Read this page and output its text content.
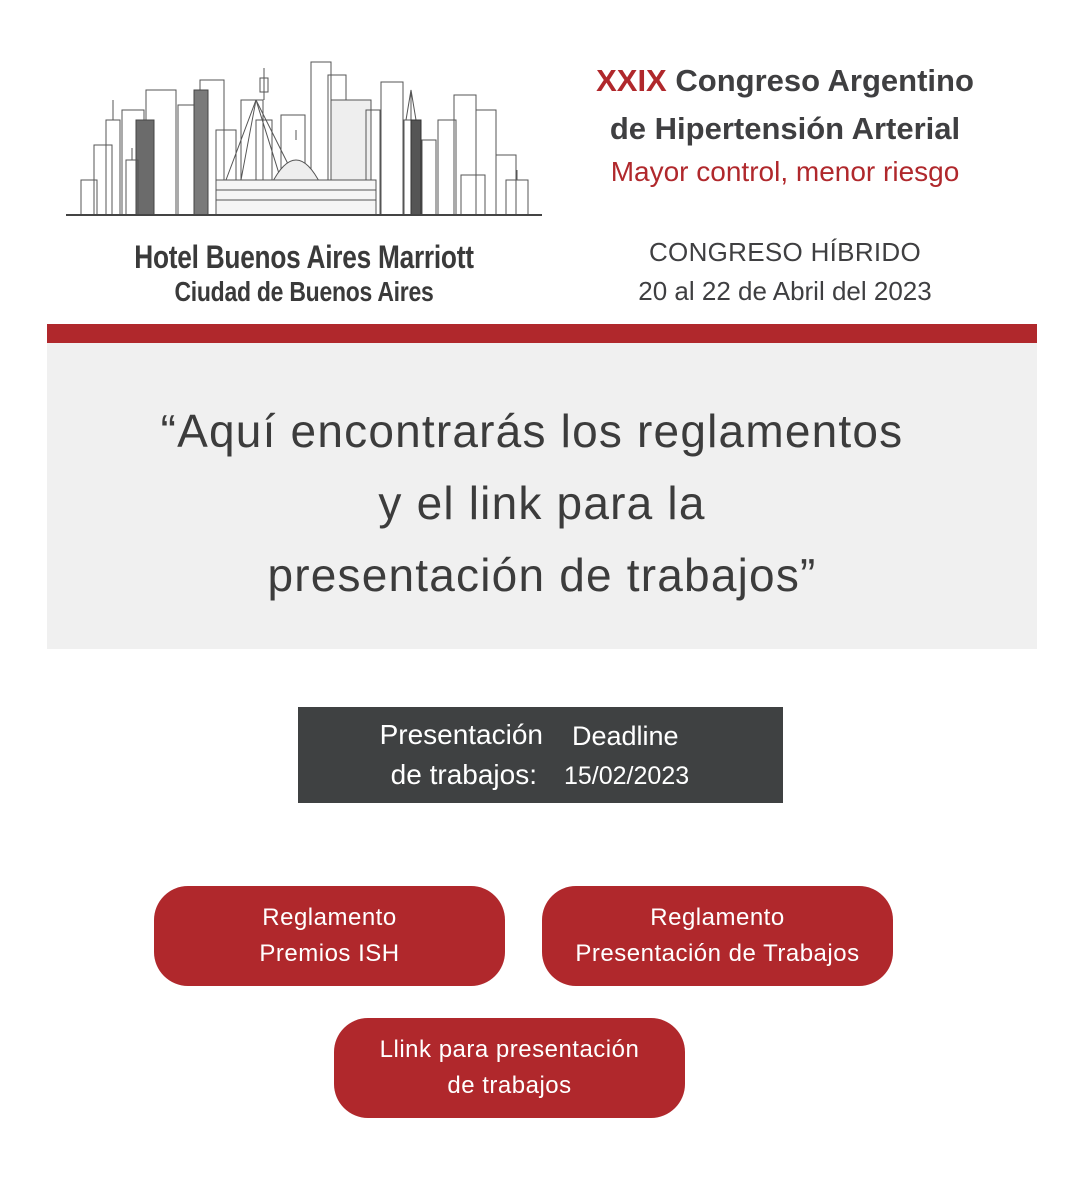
Hotel Buenos Aires Marriott
Ciudad de Buenos Aires
XXIX Congreso Argentino
de Hipertensión Arterial
Mayor control, menor riesgo
CONGRESO HÍBRIDO
20 al 22 de Abril del 2023
“Aquí encontrarás los reglamentos
y el link para la
presentación de trabajos”
Presentación
de trabajos:
Deadline
15/02/2023
Reglamento
Premios ISH
Reglamento
Presentación de Trabajos
Llink para presentación
de trabajos
